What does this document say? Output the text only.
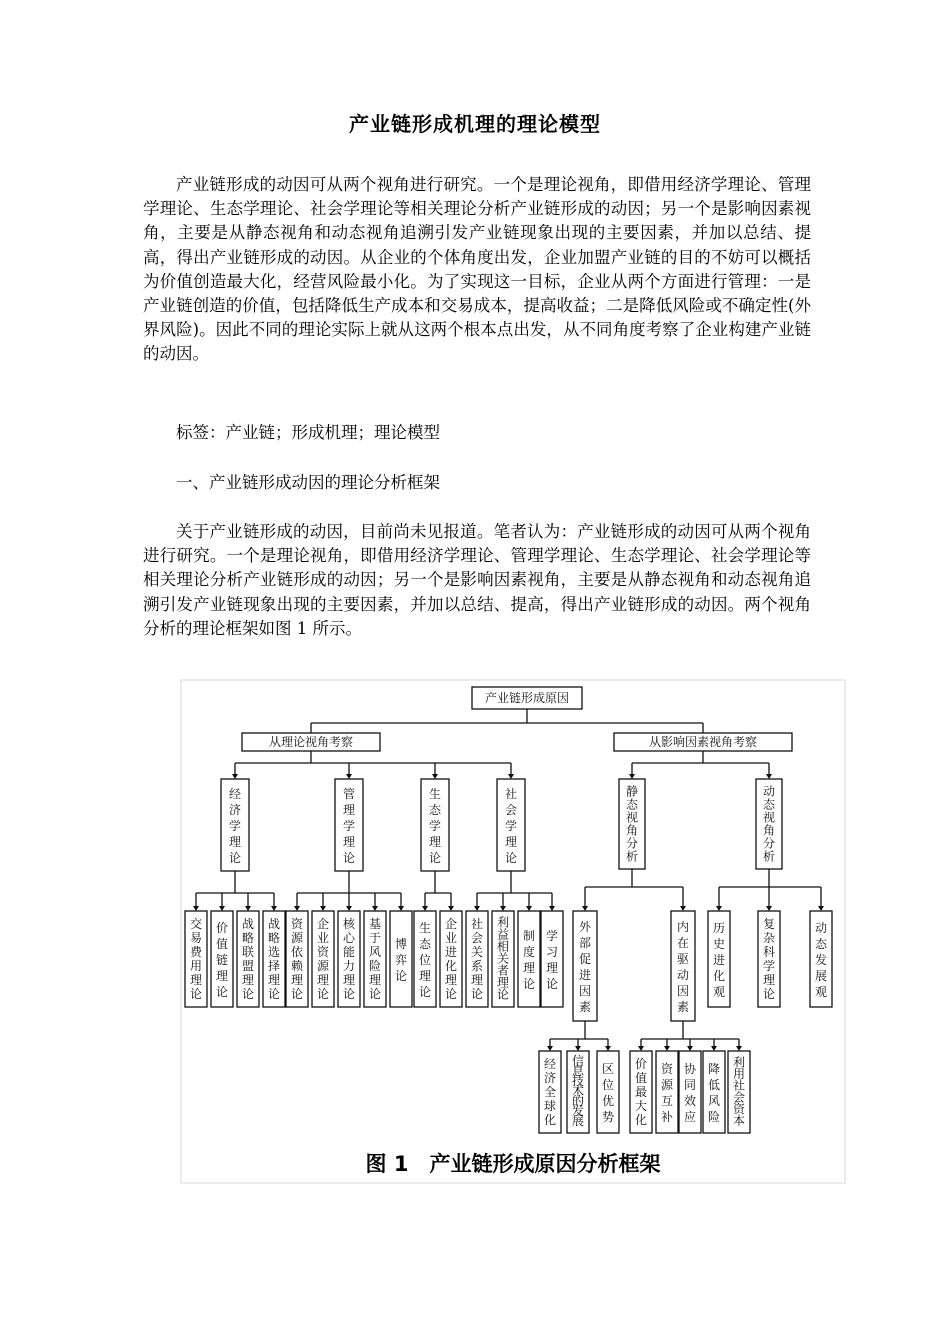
产业链形成机理的理论模型

产业链形成的动因可从两个视角进行研究。一个是理论视角，即借用经济学理论、管理学理论、生态学理论、社会学理论等相关理论分析产业链形成的动因；另一个是影响因素视角，主要是从静态视角和动态视角追溯引发产业链现象出现的主要因素，并加以总结、提高，得出产业链形成的动因。从企业的个体角度出发，企业加盟产业链的目的不妨可以概括为价值创造最大化，经营风险最小化。为了实现这一目标，企业从两个方面进行管理：一是产业链创造的价值，包括降低生产成本和交易成本，提高收益；二是降低风险或不确定性(外界风险)。因此不同的理论实际上就从这两个根本点出发，从不同角度考察了企业构建产业链的动因。

标签：产业链；形成机理；理论模型

一、产业链形成动因的理论分析框架

关于产业链形成的动因，目前尚未见报道。笔者认为：产业链形成的动因可从两个视角进行研究。一个是理论视角，即借用经济学理论、管理学理论、生态学理论、社会学理论等相关理论分析产业链形成的动因；另一个是影响因素视角，主要是从静态视角和动态视角追溯引发产业链现象出现的主要因素，并加以总结、提高，得出产业链形成的动因。两个视角分析的理论框架如图 1 所示。

产业链形成原因
从理论视角考察	从影响因素视角考察
经济学理论
管理学理论
生态学理论
社会学理论
交易费用理论
价值链理论
战略联盟理论
战略选择理论
资源依赖理论
企业资源理论
核心能力理论
基于风险理论
博弈论
生态位理论
企业进化理论
社会关系理论
利益相关者理论
制度理论
学习理论
静态视角分析
动态视角分析
外部促进因素
内在驱动因素
历史进化观
复杂科学理论
动态发展观
经济全球化
信息技术的发展
区位优势
价值最大化
资源互补
协同效应
降低风险
利用社会资本
图 1　产业链形成原因分析框架
